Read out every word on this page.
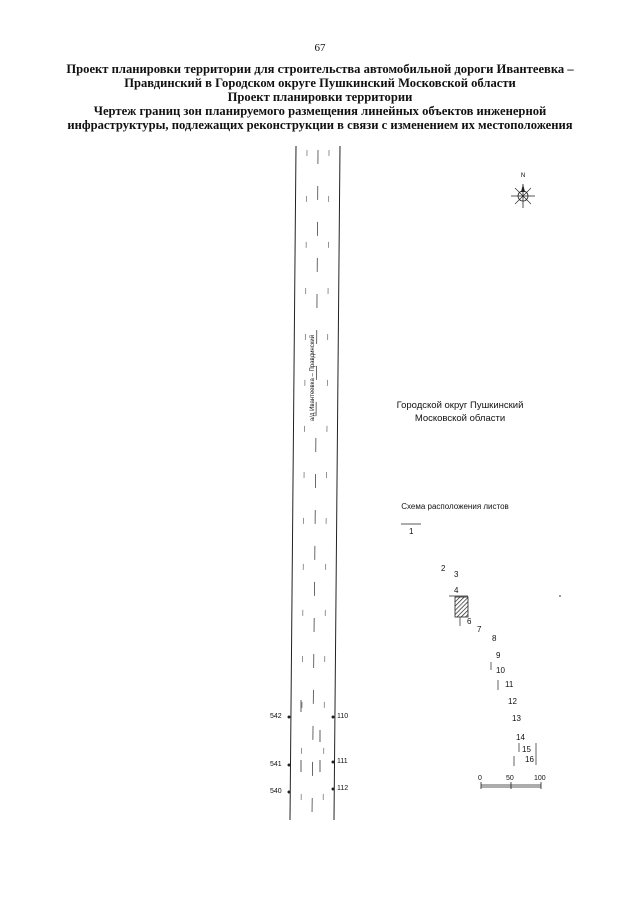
67
Проект планировки территории для строительства автомобильной дороги Ивантеевка –
Правдинский в Городском округе Пушкинский Московской области
Проект планировки территории
Чертеж границ зон планируемого размещения линейных объектов инженерной
инфраструктуры, подлежащих реконструкции в связи с изменением их местоположения
N
а/д Ивантеевка – Правдинский	Городской округ Пушкинский
Московской области
Схема расположения листов
1
2
3
4
6
7
8
9
10
11
12
13
14
15
16
542
541
540
110
111
112
0	50	100
